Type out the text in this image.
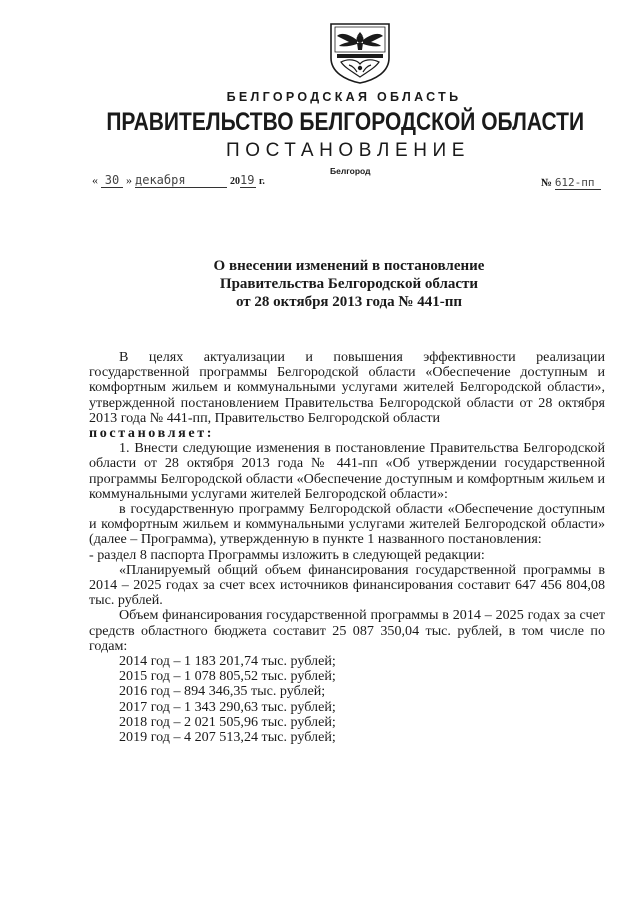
БЕЛГОРОДСКАЯ ОБЛАСТЬ
ПРАВИТЕЛЬСТВО БЕЛГОРОДСКОЙ ОБЛАСТИ
ПОСТАНОВЛЕНИЕ
Белгород
« 30 » декабря	2019 г.	№ 612-пп
О внесении изменений в постановление
Правительства Белгородской области
от 28 октября 2013 года № 441-пп

В целях актуализации и повышения эффективности реализации государственной программы Белгородской области «Обеспечение доступным и комфортным жильем и коммунальными услугами жителей Белгородской области», утвержденной постановлением Правительства Белгородской области от 28 октября 2013 года № 441-пп, Правительство Белгородской области

постановляет:

1. Внести следующие изменения в постановление Правительства Белгородской области от 28 октября 2013 года № 441-пп «Об утверждении государственной программы Белгородской области «Обеспечение доступным и комфортным жильем и коммунальными услугами жителей Белгородской области»:

в государственную программу Белгородской области «Обеспечение доступным и комфортным жильем и коммунальными услугами жителей Белгородской области» (далее – Программа), утвержденную в пункте 1 названного постановления:

- раздел 8 паспорта Программы изложить в следующей редакции:

«Планируемый общий объем финансирования государственной программы в 2014 – 2025 годах за счет всех источников финансирования составит 647 456 804,08 тыс. рублей.

Объем финансирования государственной программы в 2014 – 2025 годах за счет средств областного бюджета составит 25 087 350,04 тыс. рублей, в том числе по годам:

2014 год – 1 183 201,74 тыс. рублей;

2015 год – 1 078 805,52 тыс. рублей;

2016 год – 894 346,35 тыс. рублей;

2017 год – 1 343 290,63 тыс. рублей;

2018 год – 2 021 505,96 тыс. рублей;

2019 год – 4 207 513,24 тыс. рублей;
